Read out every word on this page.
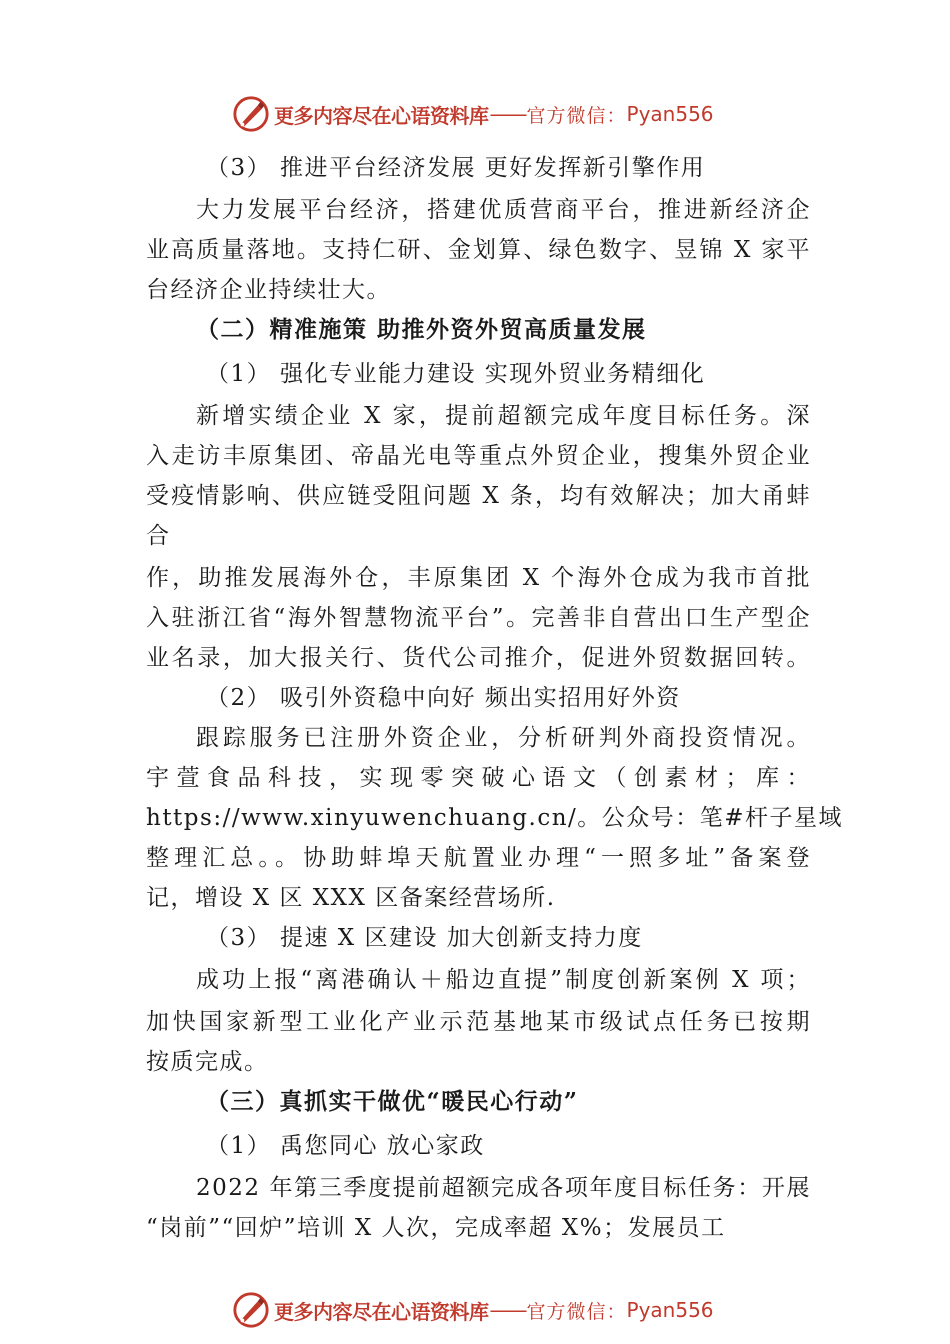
更多内容尽在心语资料库 —— 官方微信： Pyan556
（3） 推进平台经济发展 更好发挥新引擎作用
大力发展平台经济，搭建优质营商平台，推进新经济企
业高质量落地。支持仁研、金划算、绿色数字、昱锦 X 家平
台经济企业持续壮大。
（二）精准施策 助推外资外贸高质量发展
（1） 强化专业能力建设 实现外贸业务精细化
新增实绩企业 X 家，提前超额完成年度目标任务。深
入走访丰原集团、帝晶光电等重点外贸企业，搜集外贸企业
受疫情影响、供应链受阻问题 X 条，均有效解决；加大甬蚌
合
作，助推发展海外仓，丰原集团 X 个海外仓成为我市首批
入驻浙江省“海外智慧物流平台”。完善非自营出口生产型企
业名录，加大报关行、货代公司推介，促进外贸数据回转。
（2） 吸引外资稳中向好 频出实招用好外资
跟踪服务已注册外资企业，分析研判外商投资情况。
宇萱食品科技，实现零突破心语文（创素材；库：
https://www.xinyuwenchuang.cn/。公众号：笔#杆子星域
整理汇总。。协助蚌埠天航置业办理“一照多址”备案登
记，增设 X 区 XXX 区备案经营场所.
（3） 提速 X 区建设 加大创新支持力度
成功上报“离港确认＋船边直提”制度创新案例 X 项；
加快国家新型工业化产业示范基地某市级试点任务已按期
按质完成。
（三）真抓实干做优“暖民心行动”
（1） 禹您同心 放心家政
2022 年第三季度提前超额完成各项年度目标任务：开展
“岗前”“回炉”培训 X 人次，完成率超 X%；发展员工
更多内容尽在心语资料库 —— 官方微信： Pyan556
